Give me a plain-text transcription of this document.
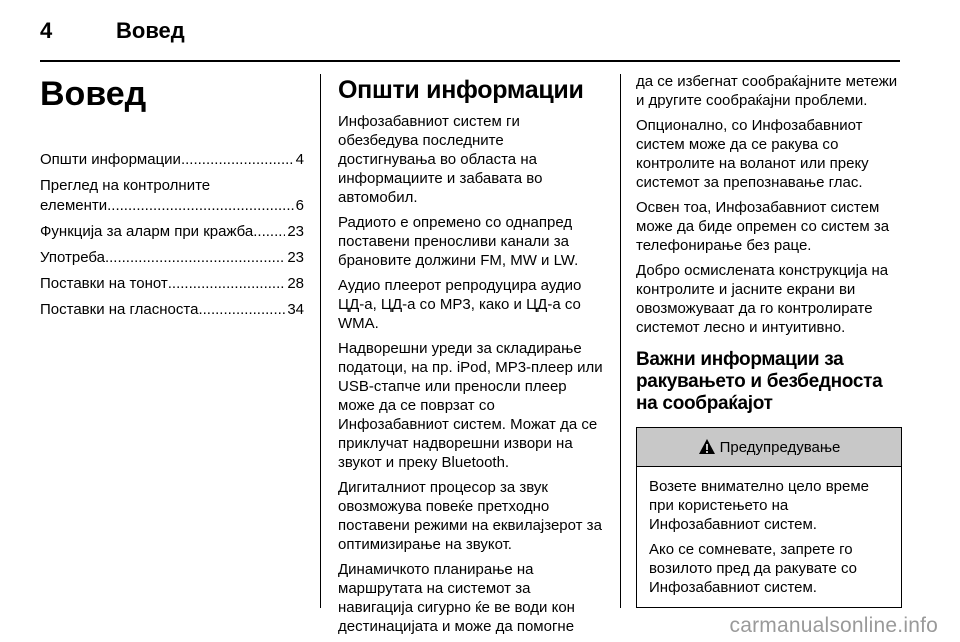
4	Вовед
Вовед
Општи информации .....	4
Преглед на контролните
елементи .....	6
Функција за аларм при кражба ..... 23
Употреба .....	23
Поставки на тонот .....	28
Поставки на гласноста .....	34
Општи информации

Инфозабавниот систем ги обезбедува последните достигнувања во областа на информациите и забавата во автомобил.

Радиото е опремено со однапред поставени преносливи канали за брановите должини FM, MW и LW.

Аудио плеерот репродуцира аудио ЦД-а, ЦД-а со MP3, како и ЦД-а со WMA.

Надворешни уреди за складирање податоци, на пр. iPod, MP3-плеер или USB-стапче или преносли плеер може да се поврзат со Инфозабавниот систем. Можат да се приклучат надворешни извори на звукот и преку Bluetooth.

Дигиталниот процесор за звук овозможува повеќе претходно поставени режими на еквилајзерот за оптимизирање на звукот.

Динамичкото планирање на маршрутата на системот за навигација сигурно ќе ве води кон дестинацијата и може да помогне

да се избегнат сообраќајните метежи и другите сообраќајни проблеми.

Опционално, со Инфозабавниот систем може да се ракува со контролите на воланот или преку системот за препознавање глас.

Освен тоа, Инфозабавниот систем може да биде опремен со систем за телефонирање без раце.

Добро осмислената конструкција на контролите и јасните екрани ви овозможуваат да го контролирате системот лесно и интуитивно.

Важни информации за ракувањето и безбедноста на сообраќајот
Предупредување

Возете внимателно цело време при користењето на Инфозабавниот систем.

Ако се сомневате, запрете го возилото пред да ракувате со Инфозабавниот систем.

carmanualsonline.info
